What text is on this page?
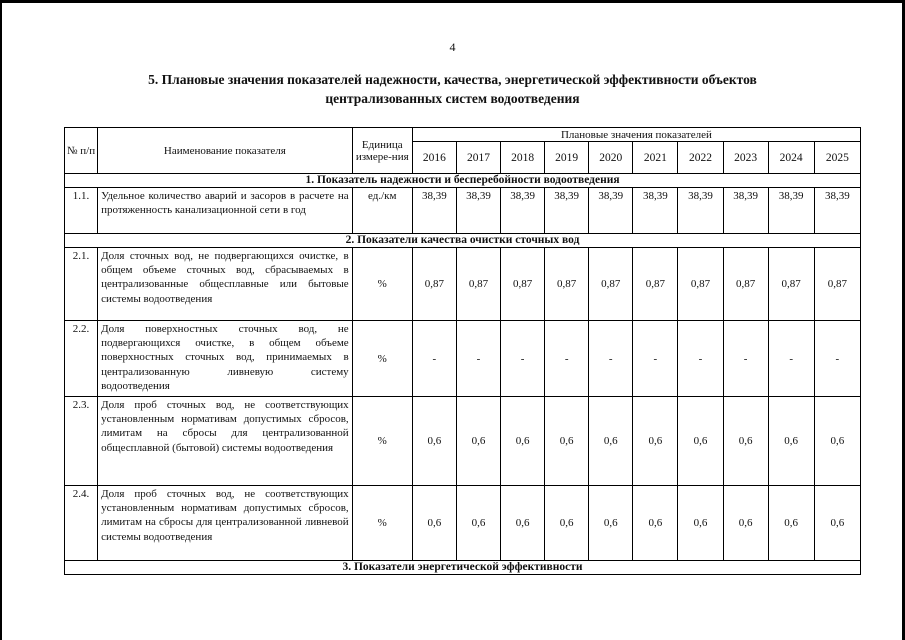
4
5. Плановые значения показателей надежности, качества, энергетической эффективности объектов
централизованных систем водоотведения
№ п/п	Наименование показателя	Единица измере-ния	Плановые значения показателей									
			2016	2017	2018	2019	2020	2021	2022	2023	2024	2025
1. Показатель надежности и бесперебойности водоотведения												
1.1.	Удельное количество аварий и засоров в расчете на протяженность канализационной сети в год	ед./км	38,39	38,39	38,39	38,39	38,39	38,39	38,39	38,39	38,39	38,39
2. Показатели качества очистки сточных вод												
2.1.	Доля сточных вод, не подвергающихся очистке, в общем объеме сточных вод, сбрасываемых в централизованные общесплавные или бытовые системы водоотведения	%	0,87	0,87	0,87	0,87	0,87	0,87	0,87	0,87	0,87	0,87
2.2.	Доля поверхностных сточных вод, не подвергающихся очистке, в общем объеме поверхностных сточных вод, принимаемых в централизованную ливневую систему водоотведения	%	-	-	-	-	-	-	-	-	-	-
2.3.	Доля проб сточных вод, не соответствующих установленным нормативам допустимых сбросов, лимитам на сбросы для централизованной общесплавной (бытовой) системы водоотведения	%	0,6	0,6	0,6	0,6	0,6	0,6	0,6	0,6	0,6	0,6
2.4.	Доля проб сточных вод, не соответствующих установленным нормативам допустимых сбросов, лимитам на сбросы для централизованной ливневой системы водоотведения	%	0,6	0,6	0,6	0,6	0,6	0,6	0,6	0,6	0,6	0,6
3. Показатели энергетической эффективности												
